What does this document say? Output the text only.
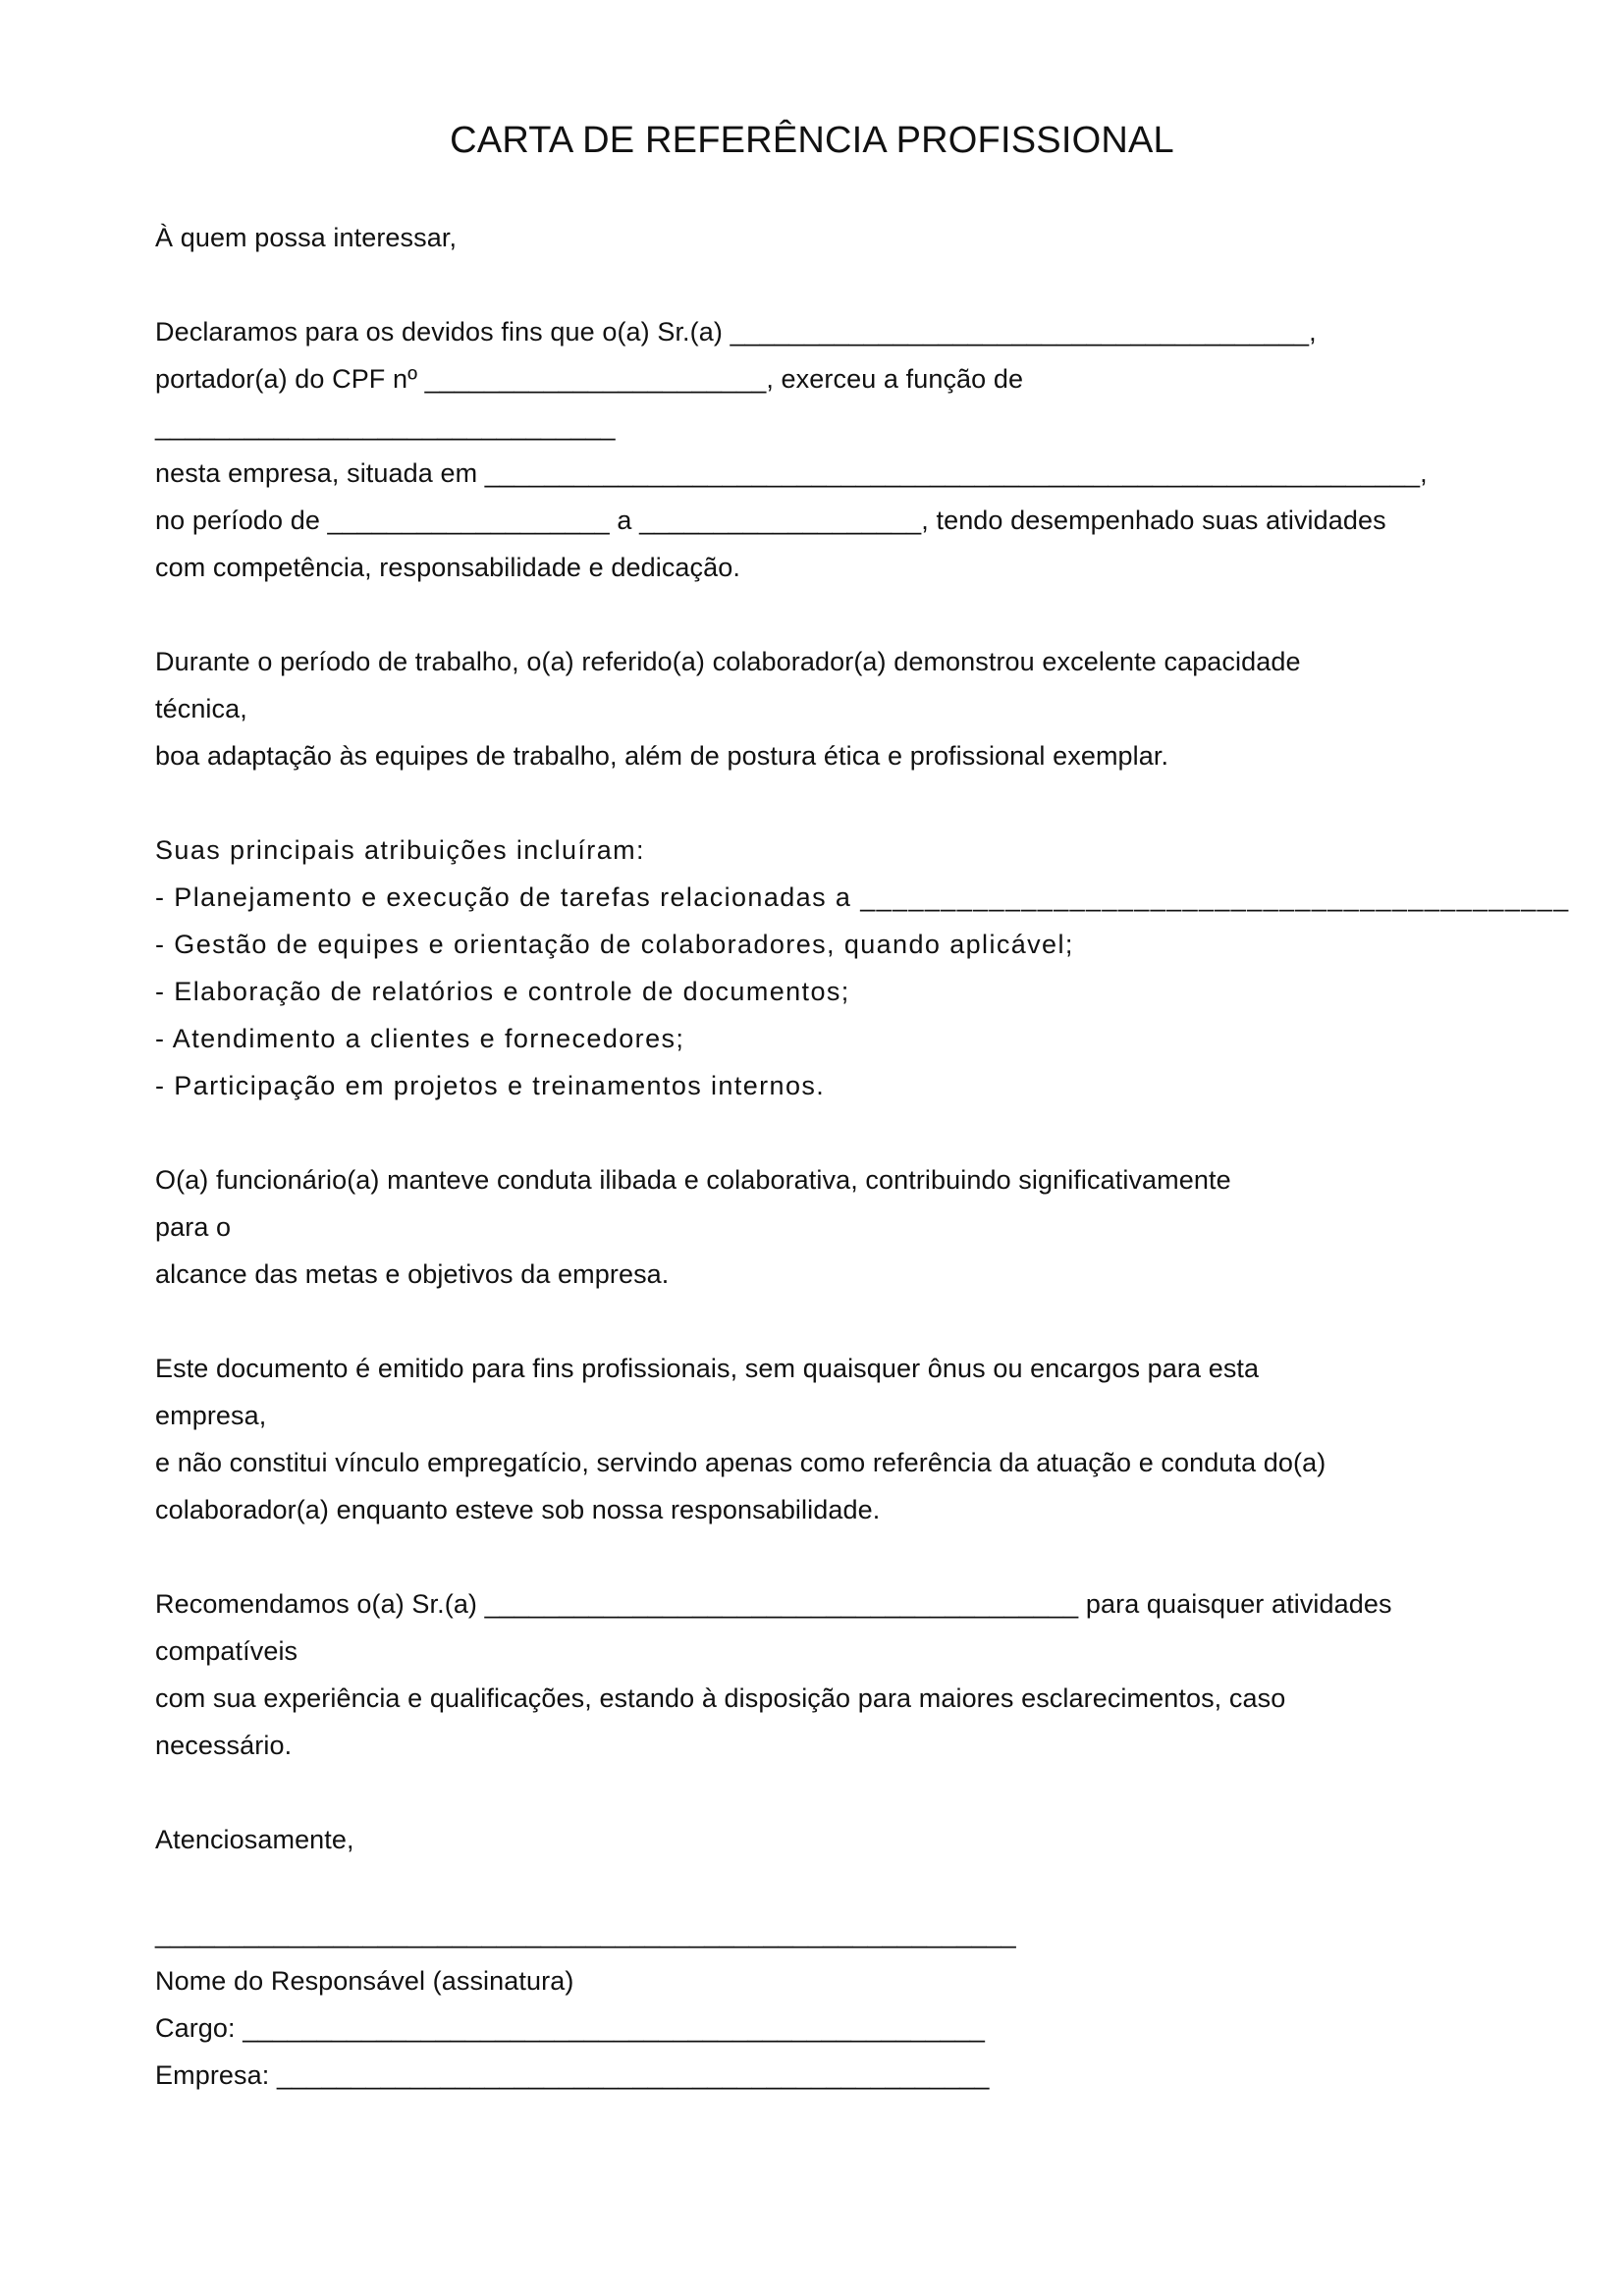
CARTA DE REFERÊNCIA PROFISSIONAL
À quem possa interessar,
Declaramos para os devidos fins que o(a) Sr.(a) _______________________________________,
portador(a) do CPF nº _______________________, exerceu a função de
_______________________________
nesta empresa, situada em _______________________________________________________________,
no período de ___________________ a ___________________, tendo desempenhado suas atividades
com competência, responsabilidade e dedicação.
Durante o período de trabalho, o(a) referido(a) colaborador(a) demonstrou excelente capacidade
técnica,
boa adaptação às equipes de trabalho, além de postura ética e profissional exemplar.
Suas principais atribuições incluíram:
- Planejamento e execução de tarefas relacionadas a ____________________________________________
- Gestão de equipes e orientação de colaboradores, quando aplicável;
- Elaboração de relatórios e controle de documentos;
- Atendimento a clientes e fornecedores;
- Participação em projetos e treinamentos internos.
O(a) funcionário(a) manteve conduta ilibada e colaborativa, contribuindo significativamente
para o
alcance das metas e objetivos da empresa.
Este documento é emitido para fins profissionais, sem quaisquer ônus ou encargos para esta
empresa,
e não constitui vínculo empregatício, servindo apenas como referência da atuação e conduta do(a)
colaborador(a) enquanto esteve sob nossa responsabilidade.
Recomendamos o(a) Sr.(a) ________________________________________ para quaisquer atividades
compatíveis
com sua experiência e qualificações, estando à disposição para maiores esclarecimentos, caso
necessário.
Atenciosamente,
__________________________________________________________
Nome do Responsável (assinatura)
Cargo: __________________________________________________
Empresa: ________________________________________________
